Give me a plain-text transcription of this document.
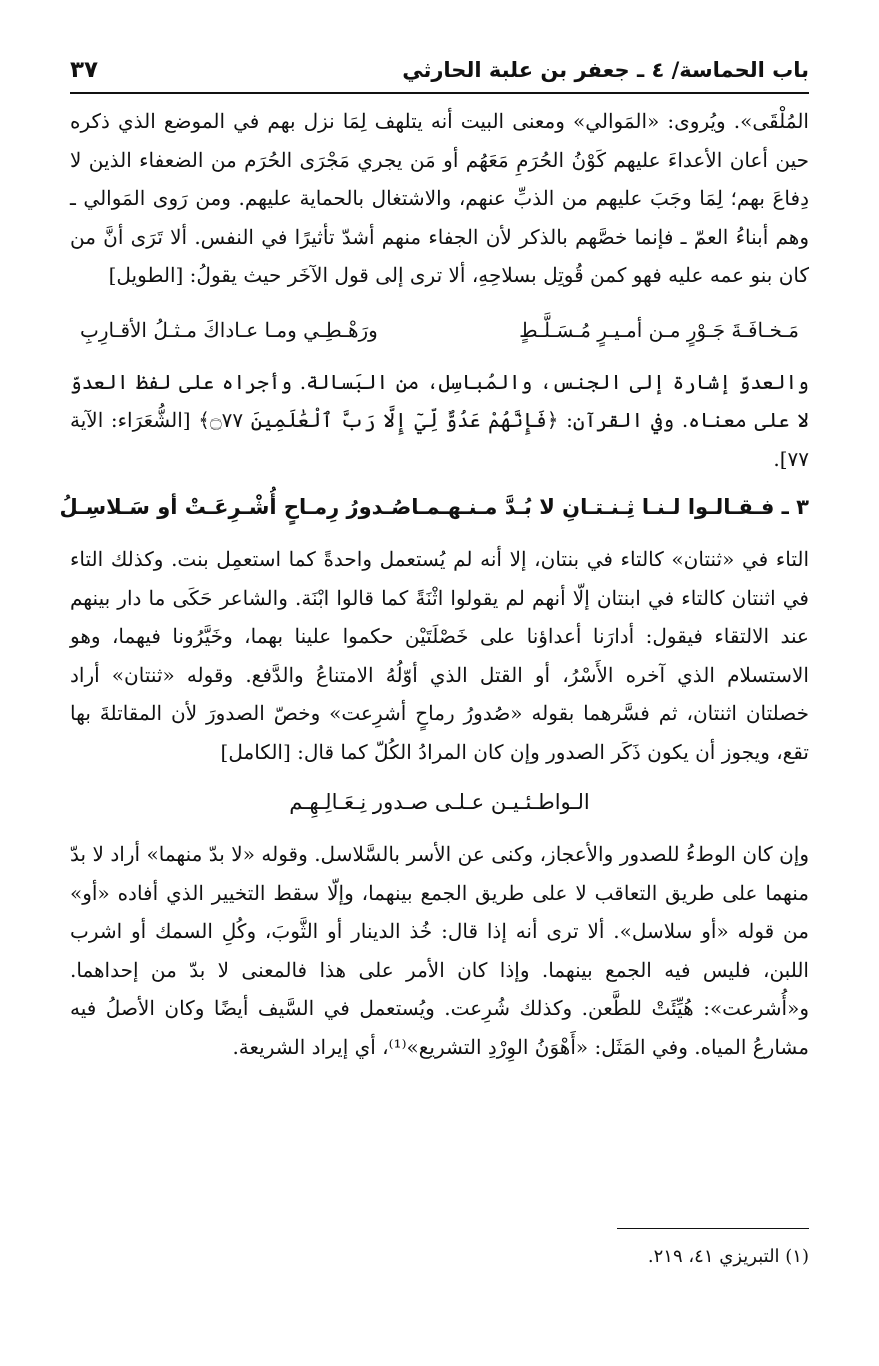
باب الحماسة/ ٤ ـ جعفر بن علبة الحارثي
٣٧

المُلْقَى». ويُروى: «المَوالي» ومعنى البيت أنه يتلهف لِمَا نزل بهم في الموضع الذي ذكره حين أعان الأعداءَ عليهم كَوْنُ الحُرَمِ مَعَهُم أو مَن يجري مَجْرَى الحُرَم من الضعفاء الذين لا دِفاعَ بهم؛ لِمَا وجَبَ عليهم من الذبِّ عنهم، والاشتغال بالحماية عليهم. ومن رَوى المَوالي ـ وهم أبناءُ العمّ ـ فإنما خصَّهم بالذكر لأن الجفاء منهم أشدّ تأثيرًا في النفس. ألا تَرَى أنَّ من كان بنو عمه عليه فهو كمن قُوتِل بسلاحِهِ، ألا ترى إلى قول الآخَر حيث يقولُ: [الطويل]

مَـخـافَـةَ جَـوْرٍ مـن أمـيـرٍ مُـسَـلَّـطٍ
ورَهْـطِـي ومـا عـاداكَ مـثـلُ الأقـارِبِ

والعدوّ إشارة إلى الجنس، والمُباسِل، من البَسالة. وأجراه على لفظ العدوّ لا على معناه. وفي القرآن: ﴿فَإِنَّهُمْ عَدُوٌّ لِّيٓ إِلَّا رَبَّ ٱلْعَٰلَمِينَ ۝٧٧﴾ [الشُّعَرَاء: الآية ٧٧].

٣ ـ فـقـالـوا لـنـا ثِـنـتـانِ لا بُـدَّ مـنـهـمـا
صُـدورُ رِمـاحٍ أُشْـرِعَـتْ أو سَـلاسِـلُ

التاء في «ثنتان» كالتاء في بنتان، إلا أنه لم يُستعمل واحدةً كما استعمِل بنت. وكذلك التاء في اثنتان كالتاء في ابنتان إلّا أنهم لم يقولوا اثْنَةً كما قالوا ابْنَة. والشاعر حَكَى ما دار بينهم عند الالتقاء فيقول: أدارَنا أعداؤنا على خَصْلَتَيْن حكموا علينا بهما، وخَيَّرُونا فيهما، وهو الاستسلام الذي آخره الأَسْرُ، أو القتل الذي أوّلُهُ الامتناعُ والدَّفع. وقوله «ثنتان» أراد خصلتان اثنتان، ثم فسَّرهما بقوله «صُدورُ رماحٍ أشرِعت» وخصّ الصدورَ لأن المقاتلةَ بها تقع، ويجوز أن يكون ذَكَر الصدور وإن كان المرادُ الكُلّ كما قال: [الكامل]

الـواطـئـيـن عـلـى صـدور نِـعَـالِـهِـم

وإن كان الوطءُ للصدور والأعجاز، وكنى عن الأسر بالسَّلاسل. وقوله «لا بدّ منهما» أراد لا بدّ منهما على طريق التعاقب لا على طريق الجمع بينهما، وإلّا سقط التخيير الذي أفاده «أو» من قوله «أو سلاسل». ألا ترى أنه إذا قال: خُذ الدينار أو الثَّوبَ، وكُلِ السمك أو اشرب اللبن، فليس فيه الجمع بينهما. وإذا كان الأمر على هذا فالمعنى لا بدّ من إحداهما. و«أُشرعت»: هُيِّئَتْ للطَّعن. وكذلك شُرِعت. ويُستعمل في السَّيف أيضًا وكان الأصلُ فيه مشارعُ المياه. وفي المَثَل: «أَهْوَنُ الوِرْدِ التشريع»⁽¹⁾، أي إيراد الشريعة.

(١) التبريزي ٤١، ٢١٩.
